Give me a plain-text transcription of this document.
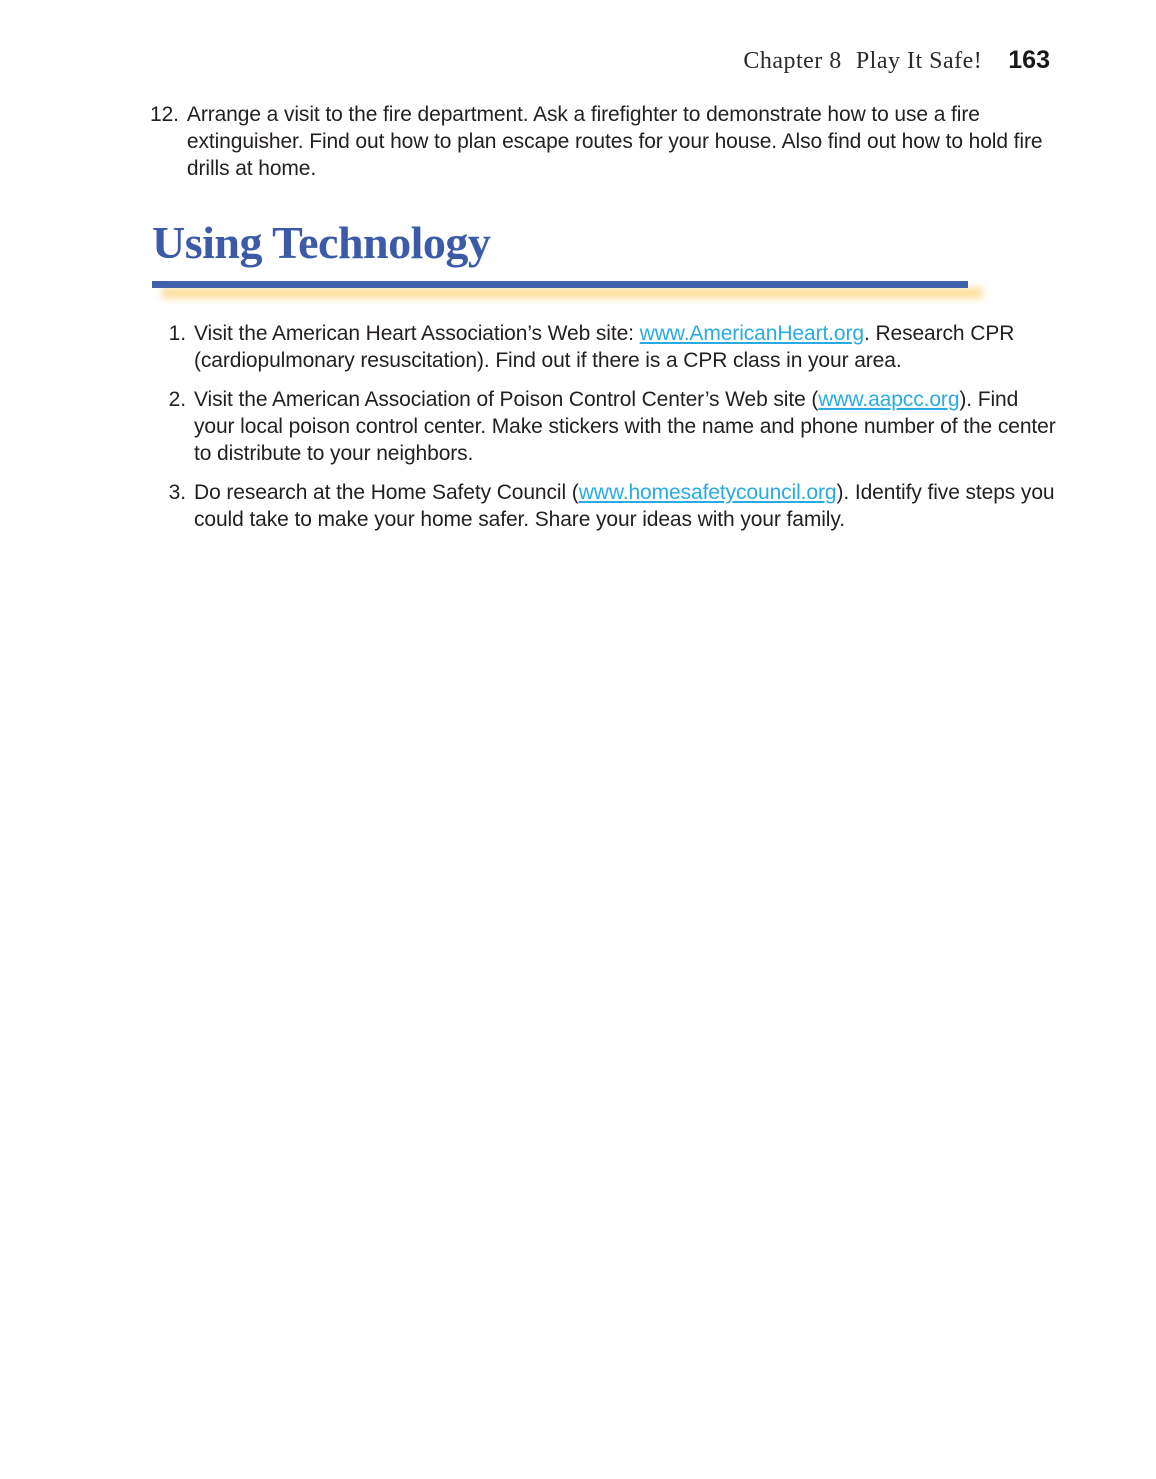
Chapter 8 Play It Safe! 163
12. Arrange a visit to the fire department. Ask a firefighter to demonstrate how to use a fire extinguisher. Find out how to plan escape routes for your house. Also find out how to hold fire drills at home.
Using Technology
1. Visit the American Heart Association’s Web site: www.AmericanHeart.org. Research CPR (cardiopulmonary resuscitation). Find out if there is a CPR class in your area.
2. Visit the American Association of Poison Control Center’s Web site (www.aapcc.org). Find your local poison control center. Make stickers with the name and phone number of the center to distribute to your neighbors.
3. Do research at the Home Safety Council (www.homesafetycouncil.org). Identify five steps you could take to make your home safer. Share your ideas with your family.
